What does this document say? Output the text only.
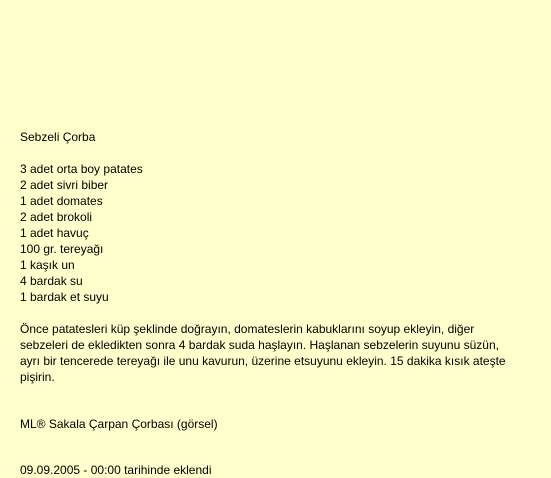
Sebzeli Çorba

3 adet orta boy patates
2 adet sivri biber
1 adet domates
2 adet brokoli
1 adet havuç
100 gr. tereyağı
1 kaşık un
4 bardak su
1 bardak et suyu

Önce patatesleri küp şeklinde doğrayın, domateslerin kabuklarını soyup ekleyin, diğer sebzeleri de ekledikten sonra 4 bardak suda haşlayın. Haşlanan sebzelerin suyunu süzün, ayrı bir tencerede tereyağı ile unu kavurun, üzerine etsuyunu ekleyin. 15 dakika kısık ateşte pişirin.

ML® Sakala Çarpan Çorbası (görsel)
09.09.2005 - 00:00 tarihinde eklendi
